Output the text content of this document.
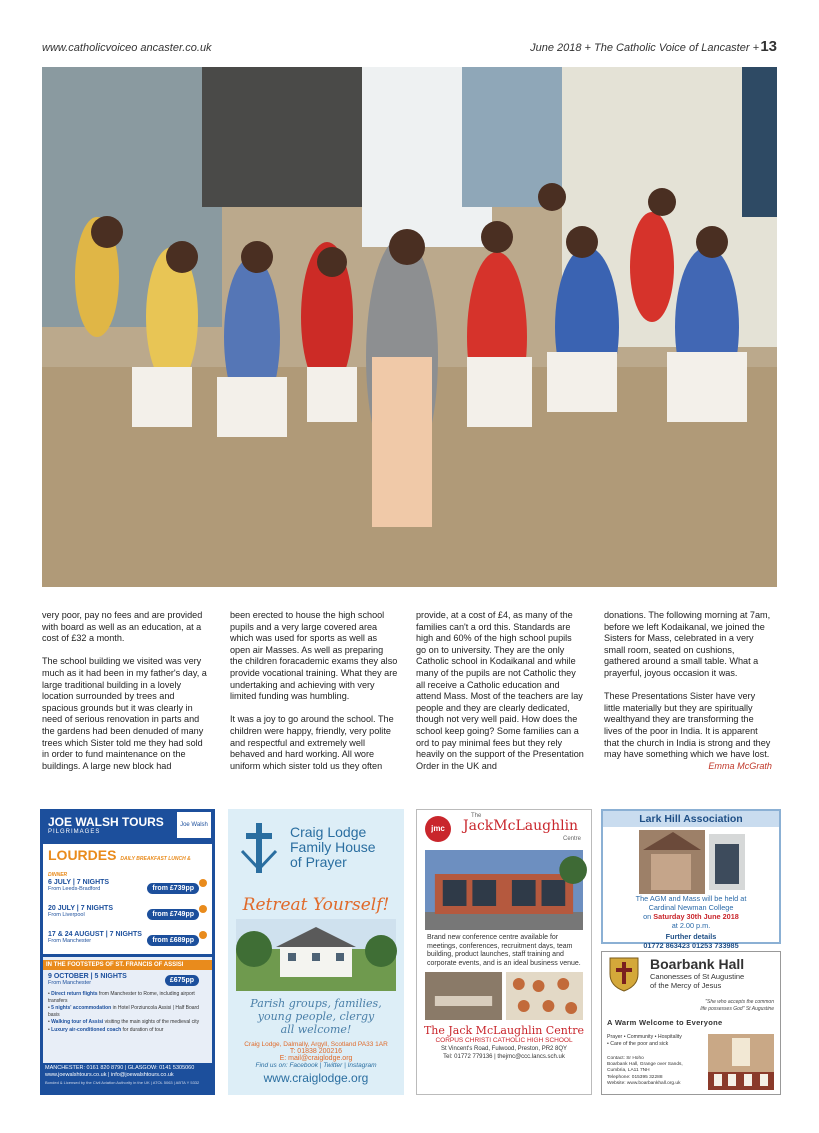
www.catholicvoiceo ancaster.co.uk	June 2018 + The Catholic Voice of Lancaster + 13

very poor, pay no fees and are provided with board as well as an education, at a cost of £32 a month.

The school building we visited was very much as it had been in my father's day, a large traditional building in a lovely location surrounded by trees and spacious grounds but it was clearly in need of serious renovation in parts and the gardens had been denuded of many trees which Sister told me they had sold in order to fund maintenance on the buildings. A large new block had

been erected to house the high school pupils and a very large covered area which was used for sports as well as open air Masses. As well as preparing the children foracademic exams they also provide vocational training. What they are undertaking and achieving with very limited funding was humbling.

It was a joy to go around the school. The children were happy, friendly, very polite and respectful and extremely well behaved and hard working. All wore uniform which sister told us they often

provide, at a cost of £4, as many of the families can't a ord this. Standards are high and 60% of the high school pupils go on to university. They are the only Catholic school in Kodaikanal and while many of the pupils are not Catholic they all receive a Catholic education and attend Mass. Most of the teachers are lay people and they are clearly dedicated, though not very well paid. How does the school keep going? Some families can a ord to pay minimal fees but they rely heavily on the support of the Presentation Order in the UK and

donations. The following morning at 7am, before we left Kodaikanal, we joined the Sisters for Mass, celebrated in a very small room, seated on cushions, gathered around a small table. What a prayerful, joyous occasion it was.

These Presentations Sister have very little materially but they are spiritually wealthyand they are transforming the lives of the poor in India. It is apparent that the church in India is strong and they may have something which we have lost.

Emma McGrath
JOE WALSH TOURS
PILGRIMAGES
Joe Walsh
LOURDES DAILY BREAKFAST LUNCH & DINNER
6 JULY | 7 NIGHTS
From Leeds-Bradford	from £739pp
20 JULY | 7 NIGHTS
From Liverpool	from £749pp
17 & 24 AUGUST | 7 NIGHTS
From Manchester	from £689pp
IN THE FOOTSTEPS OF ST. FRANCIS OF ASSISI
9 OCTOBER | 5 NIGHTS
From Manchester	£675pp
• Direct return flights from Manchester to Rome, including airport transfers
• 5 nights' accommodation in Hotel Porziuncola Assisi | Half Board basis
• Walking tour of Assisi visiting the main sights of the medieval city
• Luxury air-conditioned coach for duration of tour
MANCHESTER: 0161 820 8790 | GLASGOW: 0141 5305060
www.joewalshtours.co.uk | info@joewalshtours.co.uk
Bonded & Licensed by the Civil Aviation Authority in the UK | ATOL 5063 | ABTA Y 5332
Craig Lodge
Family House
of Prayer
Retreat Yourself!
Parish groups, families,
young people, clergy
all welcome!
Craig Lodge, Dalmally, Argyll, Scotland PA33 1AR
T: 01838 200216
E: mail@craiglodge.org
Find us on: Facebook | Twitter | Instagram
www.craiglodge.org
jmc
The
JackMcLaughlin
Centre
Brand new conference centre available for meetings, conferences, recruitment days, team building, product launches, staff training and corporate events, and is an ideal business venue.
The Jack McLaughlin Centre
CORPUS CHRISTI CATHOLIC HIGH SCHOOL
St Vincent's Road, Fulwood, Preston, PR2 8QY
Tel: 01772 779136 | thejmc@ccc.lancs.sch.uk
Lark Hill Association
The AGM and Mass will be held at
Cardinal Newman College
on Saturday 30th June 2018
at 2.00 p.m.
Further details
01772 863423 01253 733985
Boarbank Hall
Canonesses of St Augustine
of the Mercy of Jesus
"She who accepts the common
life possesses God" St Augustine
A Warm Welcome to Everyone
Prayer • Community • Hospitality
• Care of the poor and sick
Contact: Sr Hoho
Boarbank Hall, Grange over Sands,
Cumbria, LA11 7NH
Telephone: 015395 32288
Website: www.boarbankhall.org.uk
